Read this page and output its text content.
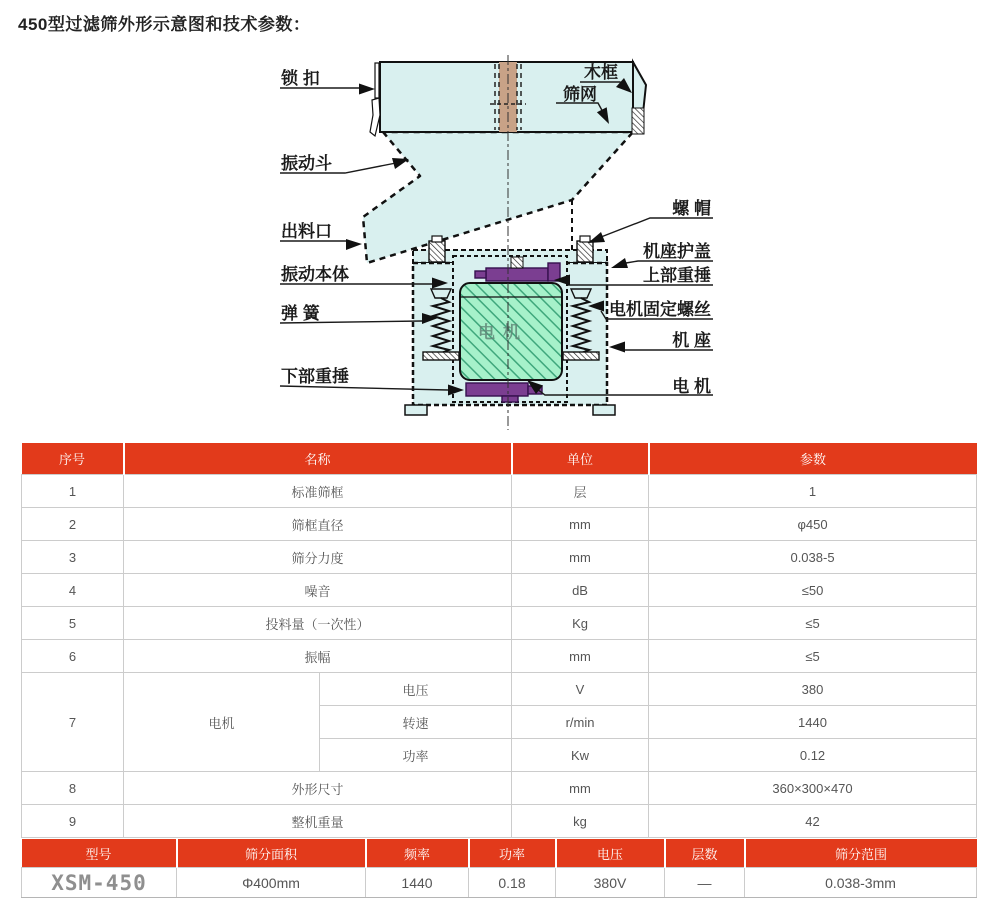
450型过滤筛外形示意图和技术参数：
电机
锁 扣
振动斗
出料口
振动本体
弹 簧
下部重捶
木框
筛网
螺 帽
机座护盖
上部重捶
电机固定螺丝
机 座
电 机
序号	名称		单位	参数
1	标准筛框		层	1
2	筛框直径		mm	φ450
3	筛分力度		mm	0.038-5
4	噪音		dB	≤50
5	投料量（一次性）		Kg	≤5
6	振幅		mm	≤5
7	电机	电压	V	380
		转速	r/min	1440
		功率	Kw	0.12
8	外形尺寸		mm	360×300×470
9	整机重量		kg	42
型号	筛分面积	频率	功率	电压	层数	筛分范围
XSM-450	Φ400mm	1440	0.18	380V	—	0.038-3mm
